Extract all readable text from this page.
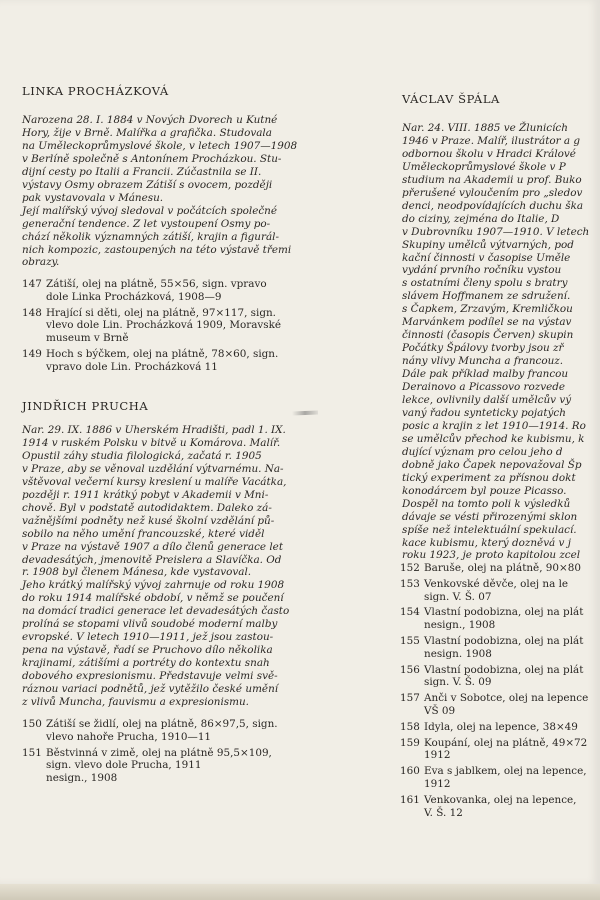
LINKA PROCHÁZKOVÁ
Narozena 28. I. 1884 v Nových Dvorech u Kutné
Hory, žije v Brně. Malířka a grafička. Studovala
na Uměleckoprůmyslové škole, v letech 1907—1908
v Berlíně společně s Antonínem Procházkou. Stu-
dijní cesty po Italii a Francii. Zúčastnila se II.
výstavy Osmy obrazem Zátiší s ovocem, později
pak vystavovala v Mánesu.
Její malířský vývoj sledoval v počátcích společné
generační tendence. Z let vystoupení Osmy po-
chází několik významných zátiší, krajin a figurál-
nich kompozic, zastoupených na této výstavě třemi
obrazy.
147 Zátiší, olej na plátně, 55×56, sign. vpravo
dole Linka Procházková, 1908—9
148 Hrající si děti, olej na plátně, 97×117, sign.
vlevo dole Lin. Procházková 1909, Moravské
museum v Brně
149 Hoch s býčkem, olej na plátně, 78×60, sign.
vpravo dole Lin. Procházková 11
JINDŘICH PRUCHA
Nar. 29. IX. 1886 v Uherském Hradišti, padl 1. IX.
1914 v ruském Polsku v bitvě u Komárova. Malíř.
Opustil záhy studia filologická, začatá r. 1905
v Praze, aby se věnoval uzdělání výtvarnému. Na-
vštěvoval večerní kursy kreslení u malíře Vacátka,
později r. 1911 krátký pobyt v Akademii v Mni-
chově. Byl v podstatě autodidaktem. Daleko zá-
važnějšími podněty než kusé školní vzdělání pů-
sobilo na něho umění francouzské, které viděl
v Praze na výstavě 1907 a dílo členů generace let
devadesátých, jmenovitě Preislera a Slavíčka. Od
r. 1908 byl členem Mánesa, kde vystavoval.
Jeho krátký malířský vývoj zahrnuje od roku 1908
do roku 1914 malířské období, v němž se poučení
na domácí tradici generace let devadesátých často
prolíná se stopami vlivů soudobé moderní malby
evropské. V letech 1910—1911, jež jsou zastou-
pena na výstavě, řadí se Pruchovo dílo několika
krajinami, zátišími a portréty do kontextu snah
dobového expresionismu. Představuje velmi svě-
ráznou variaci podnětů, jež vytěžilo české umění
z vlivů Muncha, fauvismu a expresionismu.
150 Zátiší se židlí, olej na plátně, 86×97,5, sign.
vlevo nahoře Prucha, 1910—11
151 Běstvinná v zimě, olej na plátně 95,5×109,
sign. vlevo dole Prucha, 1911
nesign., 1908
VÁCLAV ŠPÁLA
Nar. 24. VIII. 1885 ve Žlunicích
1946 v Praze. Malíř, ilustrátor a g
odbornou školu v Hradci Králové
Uměleckoprůmyslové škole v P
studium na Akademii u prof. Buko
přerušené vyloučením pro „sledov
denci, neodpovídajících duchu ška
do ciziny, zejména do Italie, D
v Dubrovníku 1907—1910. V letech
Skupiny umělců výtvarných, pod
kační činnosti v časopise Uměle
vydání prvního ročníku vystou
s ostatními členy spolu s bratry
slávem Hoffmanem ze sdružení.
s Čapkem, Zrzavým, Kremličkou
Marvánkem podílel se na výstav
činnosti (časopis Červen) skupin
Počátky Špálovy tvorby jsou zř
nány vlivy Muncha a francouz.
Dále pak příklad malby francou
Derainovo a Picassovo rozvede
lekce, ovlivnily další umělcův vý
vaný řadou synteticky pojatých
posic a krajin z let 1910—1914. Ro
se umělcův přechod ke kubismu, k
dující význam pro celou jeho d
dobně jako Čapek nepovažoval Šp
tický experiment za přísnou dokt
konodárcem byl pouze Picasso.
Dospěl na tomto poli k výsledků
dávaje se vésti přirozenými sklon
spíše než intelektuální spekulací.
kace kubismu, který dozněvá v j
roku 1923, je proto kapitolou zcel
152 Baruše, olej na plátně, 90×80
153 Venkovské děvče, olej na le
sign. V. Š. 07
154 Vlastní podobizna, olej na plát
nesign., 1908
155 Vlastní podobizna, olej na plát
nesign. 1908
156 Vlastní podobizna, olej na plát
sign. V. Š. 09
157 Anči v Sobotce, olej na lepence
VŠ 09
158 Idyla, olej na lepence, 38×49
159 Koupání, olej na plátně, 49×72
1912
160 Eva s jablkem, olej na lepence,
1912
161 Venkovanka, olej na lepence,
V. Š. 12
